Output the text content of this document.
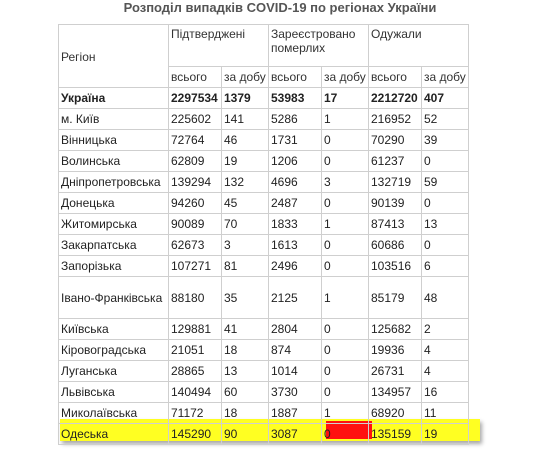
Розподіл випадків COVID-19 по регіонах України
Регіон	Підтверджені		Зареєстровано померлих		Одужали	
	всього	за добу	всього	за добу	всього	за добу
Україна	2297534	1379	53983	17	2212720	407
м. Київ	225602	141	5286	1	216952	52
Вінницька	72764	46	1731	0	70290	39
Волинська	62809	19	1206	0	61237	0
Дніпропетровська	139294	132	4696	3	132719	59
Донецька	94260	45	2487	0	90139	0
Житомирська	90089	70	1833	1	87413	13
Закарпатська	62673	3	1613	0	60686	0
Запорізька	107271	81	2496	0	103516	6
Івано-Франківська	88180	35	2125	1	85179	48
Київська	129881	41	2804	0	125682	2
Кіровоградська	21051	18	874	0	19936	4
Луганська	28865	13	1014	0	26731	4
Львівська	140494	60	3730	0	134957	16
Миколаївська	71172	18	1887	1	68920	11
Одеська	145290	90	3087	0	135159	19
